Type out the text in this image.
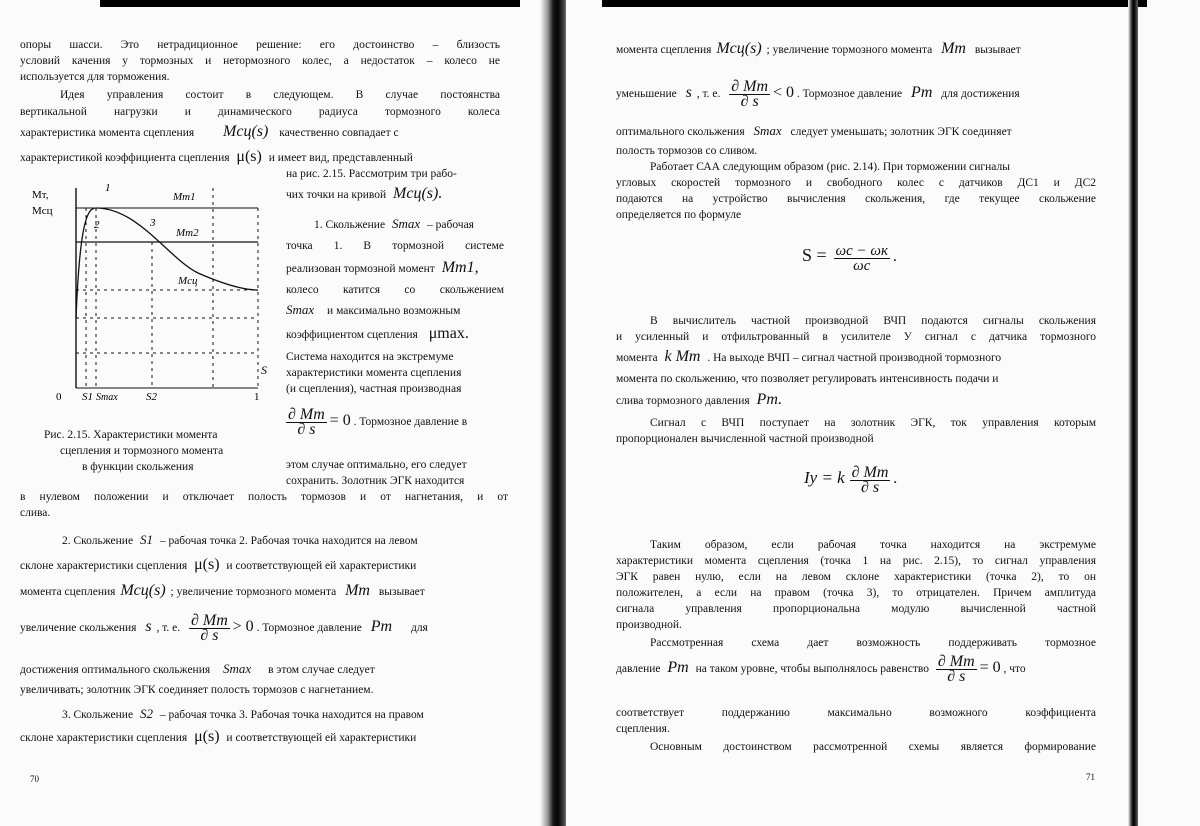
опоры шасси. Это нетрадиционное решение: его достоинство – близость
условий качения у тормозных и нетормозного колес, а недостаток – колесо не
используется для торможения.
Идея управления состоит в следующем. В случае постоянства
вертикальной нагрузки и динамического радиуса тормозного колеса
характеристика момента сцепления Mсц(s) качественно совпадает с
характеристикой коэффициента сцепления μ(s) и имеет вид, представленный
на рис. 2.15. Рассмотрим три рабо-
чих точки на кривой Mсц(s).
Mт,
Mсц
1
2	3
Mт1
Mт2
Mсц
S
0 S1 Smax	S2	1
1. Скольжение Smax – рабочая
точка 1. В тормозной системе
реализован тормозной момент Mт1,
колесо катится со скольжением
Smax и максимально возможным
коэффициентом сцепления μmax.
Система находится на экстремуме
характеристики момента сцепления
(и сцепления), частная производная
$\frac{\partial Mт}{\partial s} = 0$ . Тормозное давление в
Рис. 2.15. Характеристики момента
сцепления и тормозного момента
в функции скольжения	этом случае оптимально, его следует
сохранить. Золотник ЭГК находится
в нулевом положении и отключает полость тормозов и от нагнетания, и от
слива.
2. Скольжение S1 – рабочая точка 2. Рабочая точка находится на левом
склоне характеристики сцепления μ(s) и соответствующей ей характеристики
момента сцепления Mсц(s) ; увеличение тормозного момента Mт вызывает
увеличение скольжения s , т. е. $\frac{\partial Mт}{\partial s} > 0$ . Тормозное давление Pт для
достижения оптимального скольжения Smax в этом случае следует
увеличивать; золотник ЭГК соединяет полость тормозов с нагнетанием.
3. Скольжение S2 – рабочая точка 3. Рабочая точка находится на правом
склоне характеристики сцепления μ(s) и соответствующей ей характеристики
70
момента сцепления Mсц(s) ; увеличение тормозного момента Mт вызывает
уменьшение s , т. е. $\frac{\partial Mт}{\partial s} < 0$ . Тормозное давление Pт для достижения
оптимального скольжения Smax следует уменьшать; золотник ЭГК соединяет
полость тормозов со сливом.
Работает САА следующим образом (рис. 2.14). При торможении сигналы
угловых скоростей тормозного и свободного колес с датчиков ДС1 и ДС2
подаются на устройство вычисления скольжения, где текущее скольжение
определяется по формуле
$S = \frac{\omega с - \omega к}{\omega с}$ .
В вычислитель частной производной ВЧП подаются сигналы скольжения
и усиленный и отфильтрованный в усилителе У сигнал с датчика тормозного
момента k Mт . На выходе ВЧП – сигнал частной производной тормозного
момента по скольжению, что позволяет регулировать интенсивность подачи и
слива тормозного давления Pт.
Сигнал с ВЧП поступает на золотник ЭГК, ток управления которым
пропорционален вычисленной частной производной
Iу = k $\frac{\partial Mт}{\partial s}$ .
Таким образом, если рабочая точка находится на экстремуме
характеристики момента сцепления (точка 1 на рис. 2.15), то сигнал управления
ЭГК равен нулю, если на левом склоне характеристики (точка 2), то он
положителен, а если на правом (точка 3), то отрицателен. Причем амплитуда
сигнала управления пропорциональна модулю вычисленной частной
производной.
Рассмотренная схема дает возможность поддерживать тормозное
давление Pт на таком уровне, чтобы выполнялось равенство $\frac{\partial Mт}{\partial s} = 0$ , что
соответствует поддержанию максимально возможного коэффициента
сцепления.
Основным достоинством рассмотренной схемы является формирование
71
